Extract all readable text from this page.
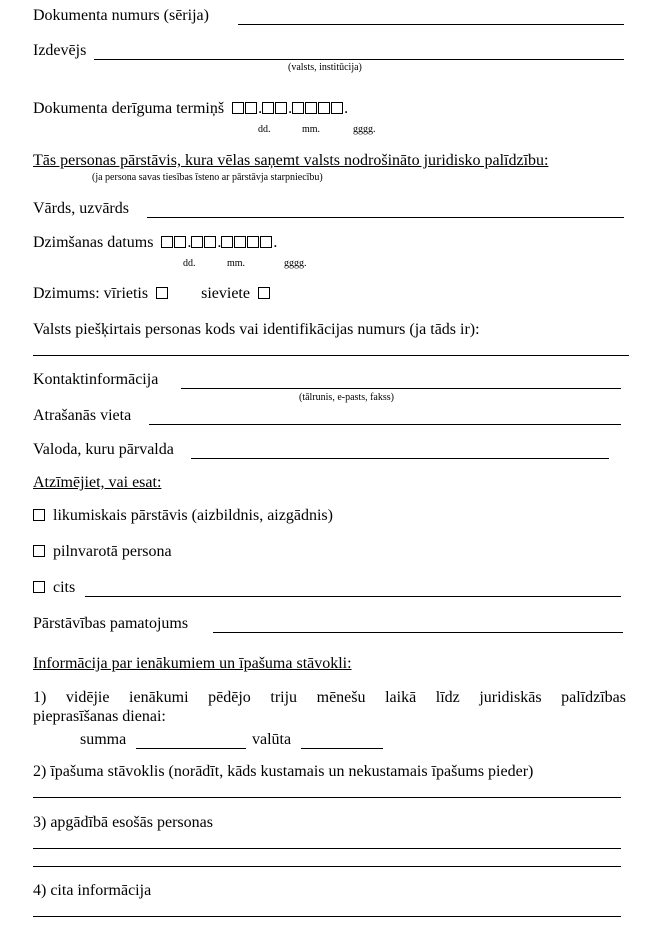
Dokumenta numurs (sērija)
Izdevējs
(valsts, institūcija)
Dokumenta derīguma termiņš . .	.
dd.	mm.	gggg.
Tās personas pārstāvis, kura vēlas saņemt valsts nodrošināto juridisko palīdzību:
(ja persona savas tiesības īsteno ar pārstāvja starpniecību)
Vārds, uzvārds
Dzimšanas datums . .	.
dd.	mm.	gggg.
Dzimums: vīrietis	sieviete
Valsts piešķirtais personas kods vai identifikācijas numurs (ja tāds ir):
Kontaktinformācija
(tālrunis, e-pasts, fakss)
Atrašanās vieta
Valoda, kuru pārvalda
Atzīmējiet, vai esat:
likumiskais pārstāvis (aizbildnis, aizgādnis)
pilnvarotā persona
cits
Pārstāvības pamatojums
Informācija par ienākumiem un īpašuma stāvokli:
1) vidējie ienākumi pēdējo triju mēnešu laikā līdz juridiskās palīdzības
pieprasīšanas dienai:
summa	valūta
2) īpašuma stāvoklis (norādīt, kāds kustamais un nekustamais īpašums pieder)
3) apgādībā esošās personas
4) cita informācija
